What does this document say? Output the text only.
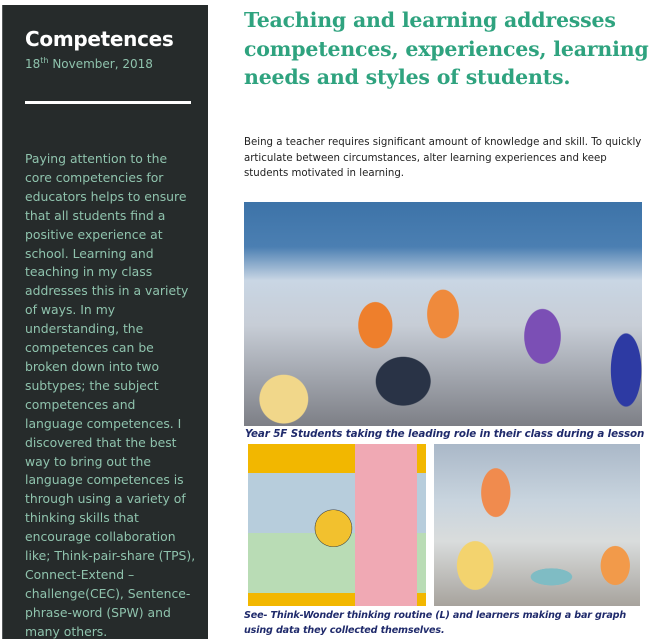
Competences
18th November, 2018

Paying attention to the core competencies for educators helps to ensure that all students find a positive experience at school. Learning and teaching in my class addresses this in a variety of ways. In my understanding, the competences can be broken down into two subtypes; the subject competences and language competences. I discovered that the best way to bring out the language competences is through using a variety of thinking skills that encourage collaboration like; Think-pair-share (TPS), Connect-Extend – challenge(CEC), Sentence-phrase-word (SPW) and many others.

Teaching and learning addresses competences, experiences, learning needs and styles of students.

Being a teacher requires significant amount of knowledge and skill. To quickly articulate between circumstances, alter learning experiences and keep students motivated in learning.

Year 5F Students taking the leading role in their class during a lesson

See- Think-Wonder thinking routine (L) and learners making a bar graph using data they collected themselves.
